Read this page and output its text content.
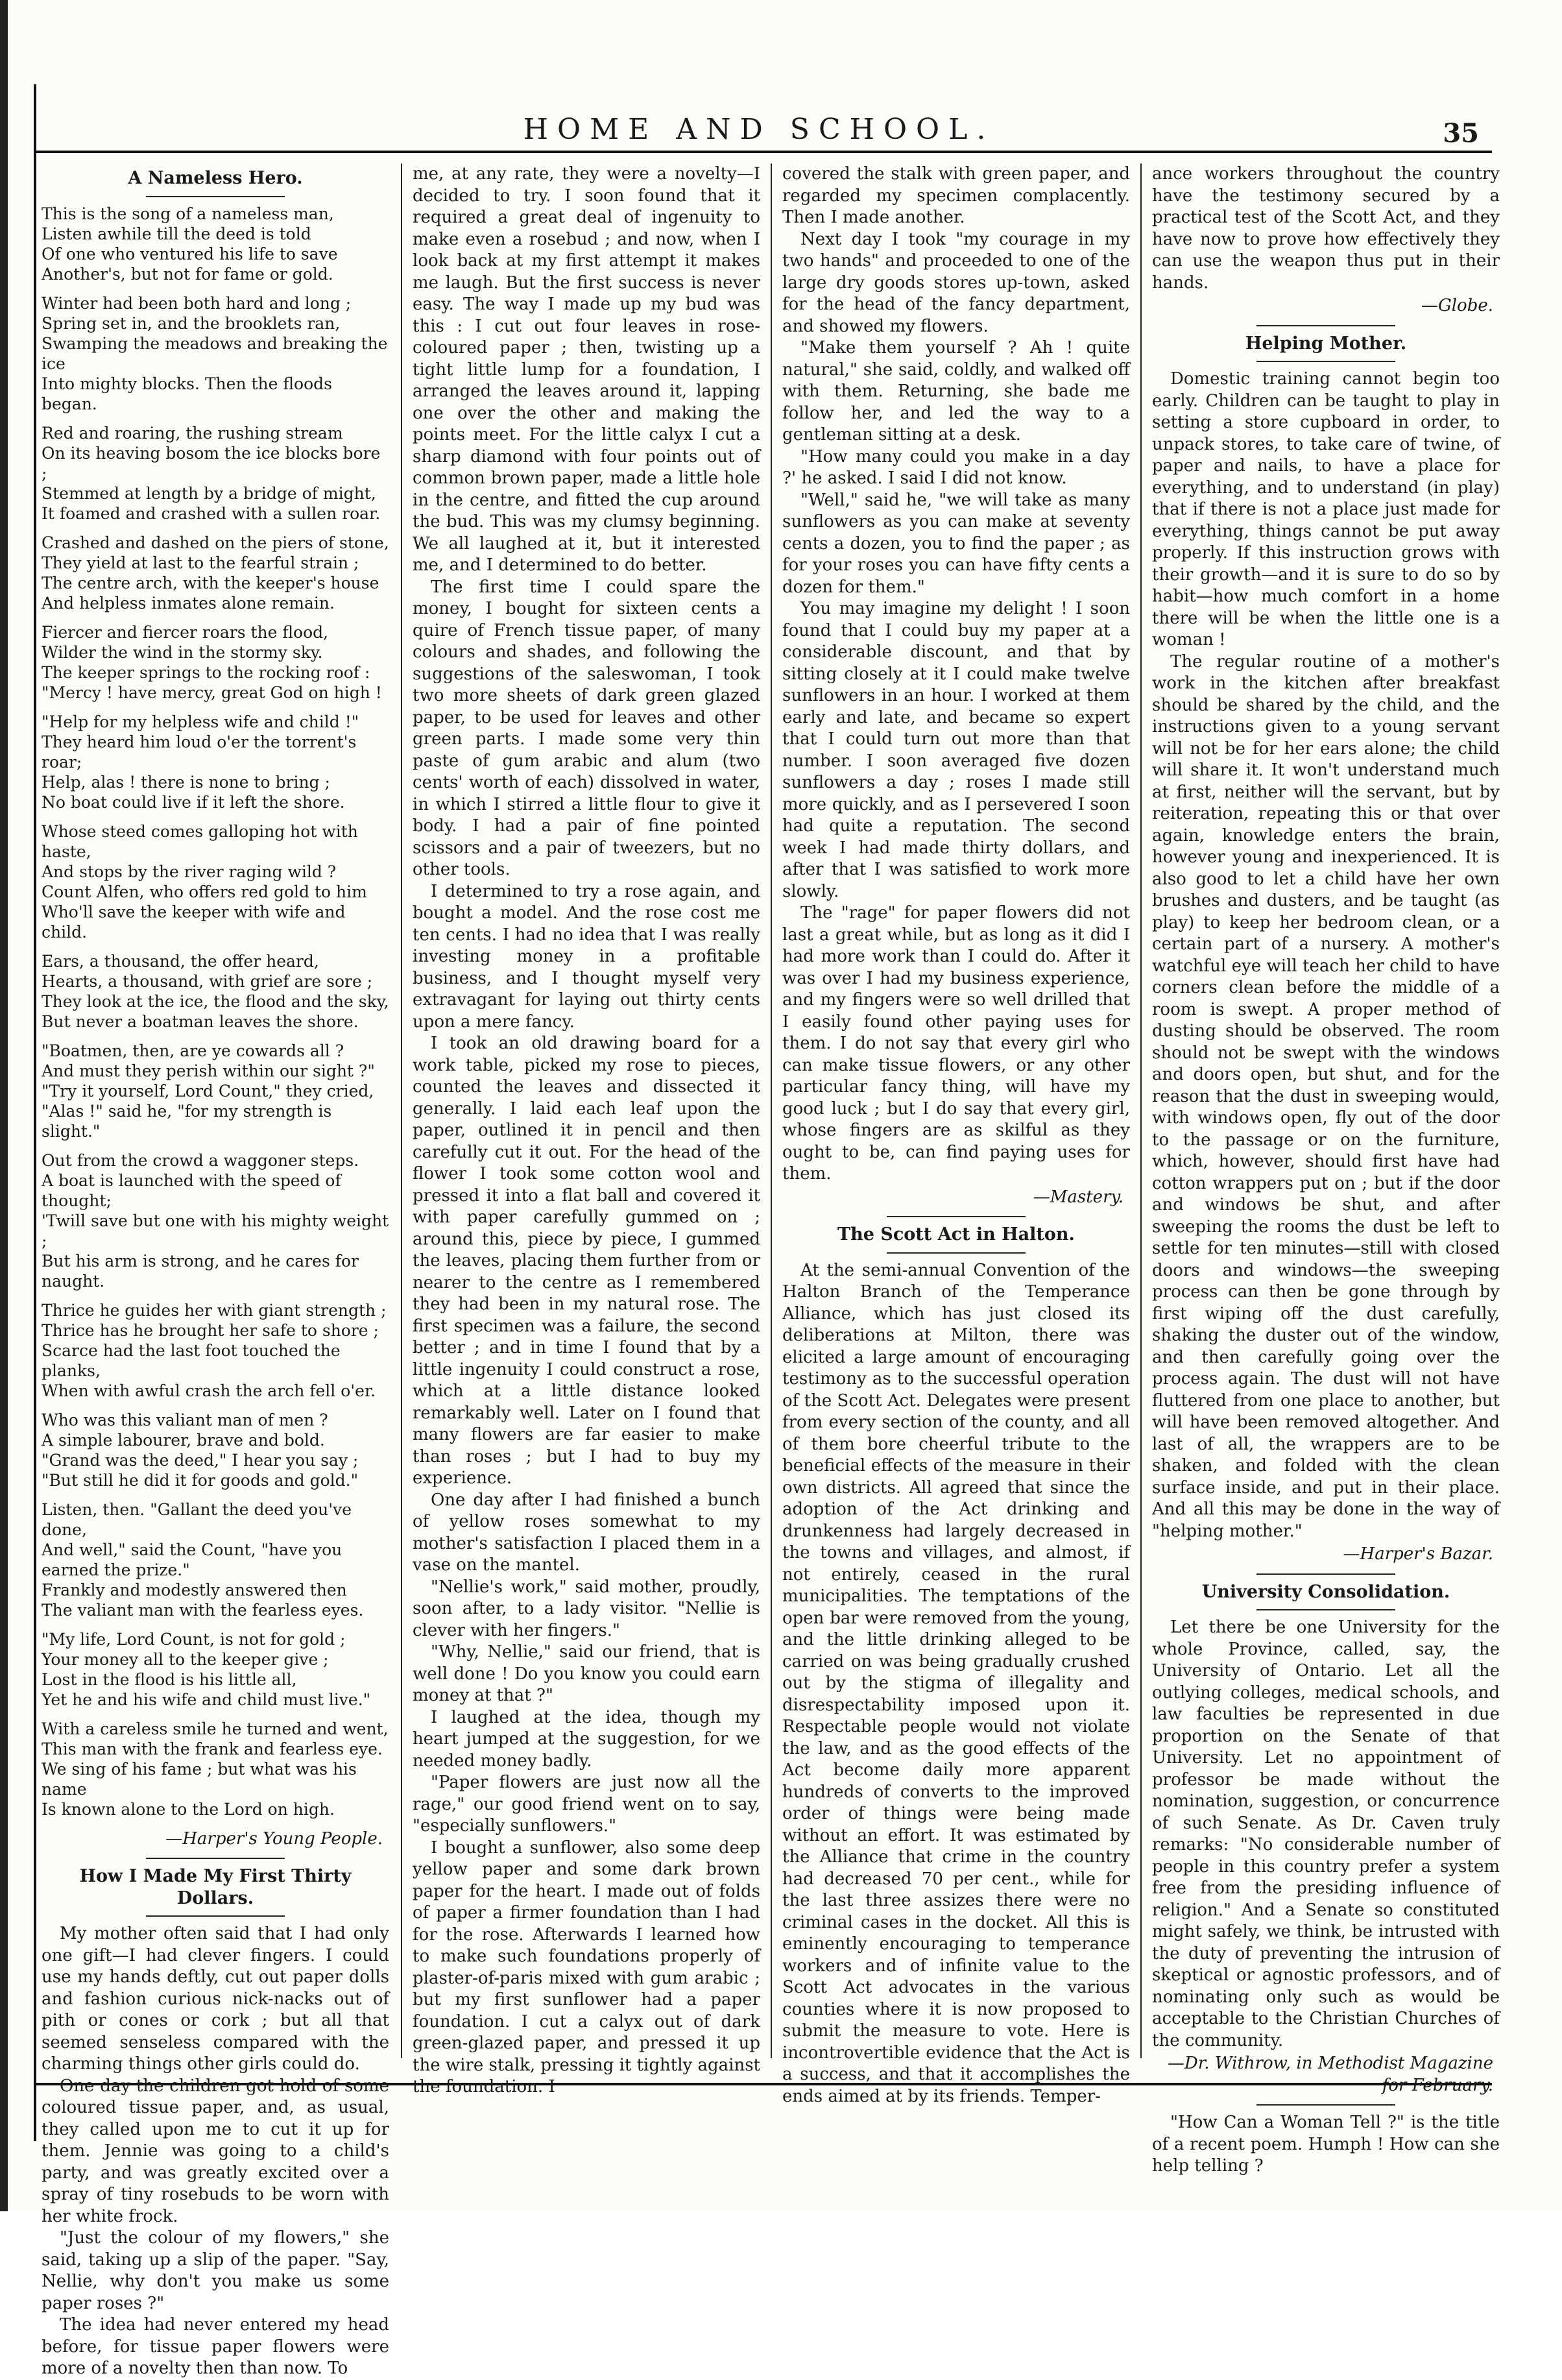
HOME AND SCHOOL.	35
A Nameless Hero.

This is the song of a nameless man,
Listen awhile till the deed is told
Of one who ventured his life to save
Another's, but not for fame or gold.

Winter had been both hard and long ;
Spring set in, and the brooklets ran,
Swamping the meadows and breaking the ice
Into mighty blocks. Then the floods began.

Red and roaring, the rushing stream
On its heaving bosom the ice blocks bore ;
Stemmed at length by a bridge of might,
It foamed and crashed with a sullen roar.

Crashed and dashed on the piers of stone,
They yield at last to the fearful strain ;
The centre arch, with the keeper's house
And helpless inmates alone remain.

Fiercer and fiercer roars the flood,
Wilder the wind in the stormy sky.
The keeper springs to the rocking roof :
"Mercy ! have mercy, great God on high !

"Help for my helpless wife and child !"
They heard him loud o'er the torrent's roar;
Help, alas ! there is none to bring ;
No boat could live if it left the shore.

Whose steed comes galloping hot with haste,
And stops by the river raging wild ?
Count Alfen, who offers red gold to him
Who'll save the keeper with wife and child.

Ears, a thousand, the offer heard,
Hearts, a thousand, with grief are sore ;
They look at the ice, the flood and the sky,
But never a boatman leaves the shore.

"Boatmen, then, are ye cowards all ?
And must they perish within our sight ?"
"Try it yourself, Lord Count," they cried,
"Alas !" said he, "for my strength is slight."

Out from the crowd a waggoner steps.
A boat is launched with the speed of thought;
'Twill save but one with his mighty weight ;
But his arm is strong, and he cares for naught.

Thrice he guides her with giant strength ;
Thrice has he brought her safe to shore ;
Scarce had the last foot touched the planks,
When with awful crash the arch fell o'er.

Who was this valiant man of men ?
A simple labourer, brave and bold.
"Grand was the deed," I hear you say ;
"But still he did it for goods and gold."

Listen, then. "Gallant the deed you've done,
And well," said the Count, "have you earned the prize."
Frankly and modestly answered then
The valiant man with the fearless eyes.

"My life, Lord Count, is not for gold ;
Your money all to the keeper give ;
Lost in the flood is his little all,
Yet he and his wife and child must live."

With a careless smile he turned and went,
This man with the frank and fearless eye.
We sing of his fame ; but what was his name
Is known alone to the Lord on high.

—Harper's Young People.
How I Made My First Thirty Dollars.

My mother often said that I had only one gift—I had clever fingers. I could use my hands deftly, cut out paper dolls and fashion curious nick-nacks out of pith or cones or cork ; but all that seemed senseless compared with the charming things other girls could do.

One day the children got hold of some coloured tissue paper, and, as usual, they called upon me to cut it up for them. Jennie was going to a child's party, and was greatly excited over a spray of tiny rosebuds to be worn with her white frock.

"Just the colour of my flowers," she said, taking up a slip of the paper. "Say, Nellie, why don't you make us some paper roses ?"

The idea had never entered my head before, for tissue paper flowers were more of a novelty then than now. To

me, at any rate, they were a novelty—I decided to try. I soon found that it required a great deal of ingenuity to make even a rosebud ; and now, when I look back at my first attempt it makes me laugh. But the first success is never easy. The way I made up my bud was this : I cut out four leaves in rose-coloured paper ; then, twisting up a tight little lump for a foundation, I arranged the leaves around it, lapping one over the other and making the points meet. For the little calyx I cut a sharp diamond with four points out of common brown paper, made a little hole in the centre, and fitted the cup around the bud. This was my clumsy beginning. We all laughed at it, but it interested me, and I determined to do better.

The first time I could spare the money, I bought for sixteen cents a quire of French tissue paper, of many colours and shades, and following the suggestions of the saleswoman, I took two more sheets of dark green glazed paper, to be used for leaves and other green parts. I made some very thin paste of gum arabic and alum (two cents' worth of each) dissolved in water, in which I stirred a little flour to give it body. I had a pair of fine pointed scissors and a pair of tweezers, but no other tools.

I determined to try a rose again, and bought a model. And the rose cost me ten cents. I had no idea that I was really investing money in a profitable business, and I thought myself very extravagant for laying out thirty cents upon a mere fancy.

I took an old drawing board for a work table, picked my rose to pieces, counted the leaves and dissected it generally. I laid each leaf upon the paper, outlined it in pencil and then carefully cut it out. For the head of the flower I took some cotton wool and pressed it into a flat ball and covered it with paper carefully gummed on ; around this, piece by piece, I gummed the leaves, placing them further from or nearer to the centre as I remembered they had been in my natural rose. The first specimen was a failure, the second better ; and in time I found that by a little ingenuity I could construct a rose, which at a little distance looked remarkably well. Later on I found that many flowers are far easier to make than roses ; but I had to buy my experience.

One day after I had finished a bunch of yellow roses somewhat to my mother's satisfaction I placed them in a vase on the mantel.

"Nellie's work," said mother, proudly, soon after, to a lady visitor. "Nellie is clever with her fingers."

"Why, Nellie," said our friend, that is well done ! Do you know you could earn money at that ?"

I laughed at the idea, though my heart jumped at the suggestion, for we needed money badly.

"Paper flowers are just now all the rage," our good friend went on to say, "especially sunflowers."

I bought a sunflower, also some deep yellow paper and some dark brown paper for the heart. I made out of folds of paper a firmer foundation than I had for the rose. Afterwards I learned how to make such foundations properly of plaster-of-paris mixed with gum arabic ; but my first sunflower had a paper foundation. I cut a calyx out of dark green-glazed paper, and pressed it up the wire stalk, pressing it tightly against the foundation. I

covered the stalk with green paper, and regarded my specimen complacently. Then I made another.

Next day I took "my courage in my two hands" and proceeded to one of the large dry goods stores up-town, asked for the head of the fancy department, and showed my flowers.

"Make them yourself ? Ah ! quite natural," she said, coldly, and walked off with them. Returning, she bade me follow her, and led the way to a gentleman sitting at a desk.

"How many could you make in a day ?' he asked. I said I did not know.

"Well," said he, "we will take as many sunflowers as you can make at seventy cents a dozen, you to find the paper ; as for your roses you can have fifty cents a dozen for them."

You may imagine my delight ! I soon found that I could buy my paper at a considerable discount, and that by sitting closely at it I could make twelve sunflowers in an hour. I worked at them early and late, and became so expert that I could turn out more than that number. I soon averaged five dozen sunflowers a day ; roses I made still more quickly, and as I persevered I soon had quite a reputation. The second week I had made thirty dollars, and after that I was satisfied to work more slowly.

The "rage" for paper flowers did not last a great while, but as long as it did I had more work than I could do. After it was over I had my business experience, and my fingers were so well drilled that I easily found other paying uses for them. I do not say that every girl who can make tissue flowers, or any other particular fancy thing, will have my good luck ; but I do say that every girl, whose fingers are as skilful as they ought to be, can find paying uses for them.

—Mastery.
The Scott Act in Halton.

At the semi-annual Convention of the Halton Branch of the Temperance Alliance, which has just closed its deliberations at Milton, there was elicited a large amount of encouraging testimony as to the successful operation of the Scott Act. Delegates were present from every section of the county, and all of them bore cheerful tribute to the beneficial effects of the measure in their own districts. All agreed that since the adoption of the Act drinking and drunkenness had largely decreased in the towns and villages, and almost, if not entirely, ceased in the rural municipalities. The temptations of the open bar were removed from the young, and the little drinking alleged to be carried on was being gradually crushed out by the stigma of illegality and disrespectability imposed upon it. Respectable people would not violate the law, and as the good effects of the Act become daily more apparent hundreds of converts to the improved order of things were being made without an effort. It was estimated by the Alliance that crime in the country had decreased 70 per cent., while for the last three assizes there were no criminal cases in the docket. All this is eminently encouraging to temperance workers and of infinite value to the Scott Act advocates in the various counties where it is now proposed to submit the measure to vote. Here is incontrovertible evidence that the Act is a success, and that it accomplishes the ends aimed at by its friends. Temper-

ance workers throughout the country have the testimony secured by a practical test of the Scott Act, and they have now to prove how effectively they can use the weapon thus put in their hands.

—Globe.
Helping Mother.

Domestic training cannot begin too early. Children can be taught to play in setting a store cupboard in order, to unpack stores, to take care of twine, of paper and nails, to have a place for everything, and to understand (in play) that if there is not a place just made for everything, things cannot be put away properly. If this instruction grows with their growth—and it is sure to do so by habit—how much comfort in a home there will be when the little one is a woman !

The regular routine of a mother's work in the kitchen after breakfast should be shared by the child, and the instructions given to a young servant will not be for her ears alone; the child will share it. It won't understand much at first, neither will the servant, but by reiteration, repeating this or that over again, knowledge enters the brain, however young and inexperienced. It is also good to let a child have her own brushes and dusters, and be taught (as play) to keep her bedroom clean, or a certain part of a nursery. A mother's watchful eye will teach her child to have corners clean before the middle of a room is swept. A proper method of dusting should be observed. The room should not be swept with the windows and doors open, but shut, and for the reason that the dust in sweeping would, with windows open, fly out of the door to the passage or on the furniture, which, however, should first have had cotton wrappers put on ; but if the door and windows be shut, and after sweeping the rooms the dust be left to settle for ten minutes—still with closed doors and windows—the sweeping process can then be gone through by first wiping off the dust carefully, shaking the duster out of the window, and then carefully going over the process again. The dust will not have fluttered from one place to another, but will have been removed altogether. And last of all, the wrappers are to be shaken, and folded with the clean surface inside, and put in their place. And all this may be done in the way of "helping mother."

—Harper's Bazar.
University Consolidation.

Let there be one University for the whole Province, called, say, the University of Ontario. Let all the outlying colleges, medical schools, and law faculties be represented in due proportion on the Senate of that University. Let no appointment of professor be made without the nomination, suggestion, or concurrence of such Senate. As Dr. Caven truly remarks: "No considerable number of people in this country prefer a system free from the presiding influence of religion." And a Senate so constituted might safely, we think, be intrusted with the duty of preventing the intrusion of skeptical or agnostic professors, and of nominating only such as would be acceptable to the Christian Churches of the community.

—Dr. Withrow, in Methodist Magazine for February.

"How Can a Woman Tell ?" is the title of a recent poem. Humph ! How can she help telling ?
